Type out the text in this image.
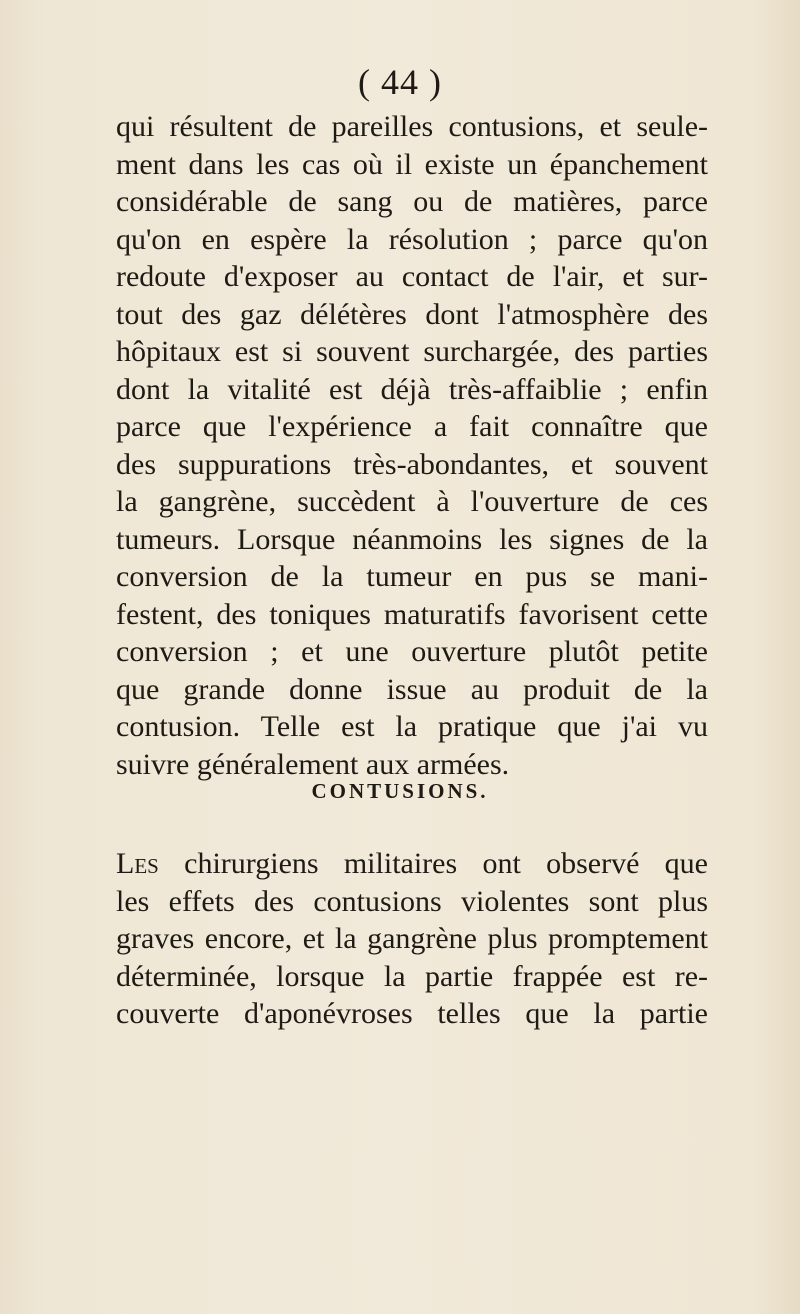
( 44 )
qui résultent de pareilles contusions, et seule-
ment dans les cas où il existe un épanchement
considérable de sang ou de matières, parce
qu'on en espère la résolution ; parce qu'on
redoute d'exposer au contact de l'air, et sur-
tout des gaz délétères dont l'atmosphère des
hôpitaux est si souvent surchargée, des parties
dont la vitalité est déjà très-affaiblie ; enfin
parce que l'expérience a fait connaître que
des suppurations très-abondantes, et souvent
la gangrène, succèdent à l'ouverture de ces
tumeurs. Lorsque néanmoins les signes de la
conversion de la tumeur en pus se mani-
festent, des toniques maturatifs favorisent cette
conversion ; et une ouverture plutôt petite
que grande donne issue au produit de la
contusion. Telle est la pratique que j'ai vu
suivre généralement aux armées.
CONTUSIONS.
Les chirurgiens militaires ont observé que
les effets des contusions violentes sont plus
graves encore, et la gangrène plus promptement
déterminée, lorsque la partie frappée est re-
couverte d'aponévroses telles que la partie
